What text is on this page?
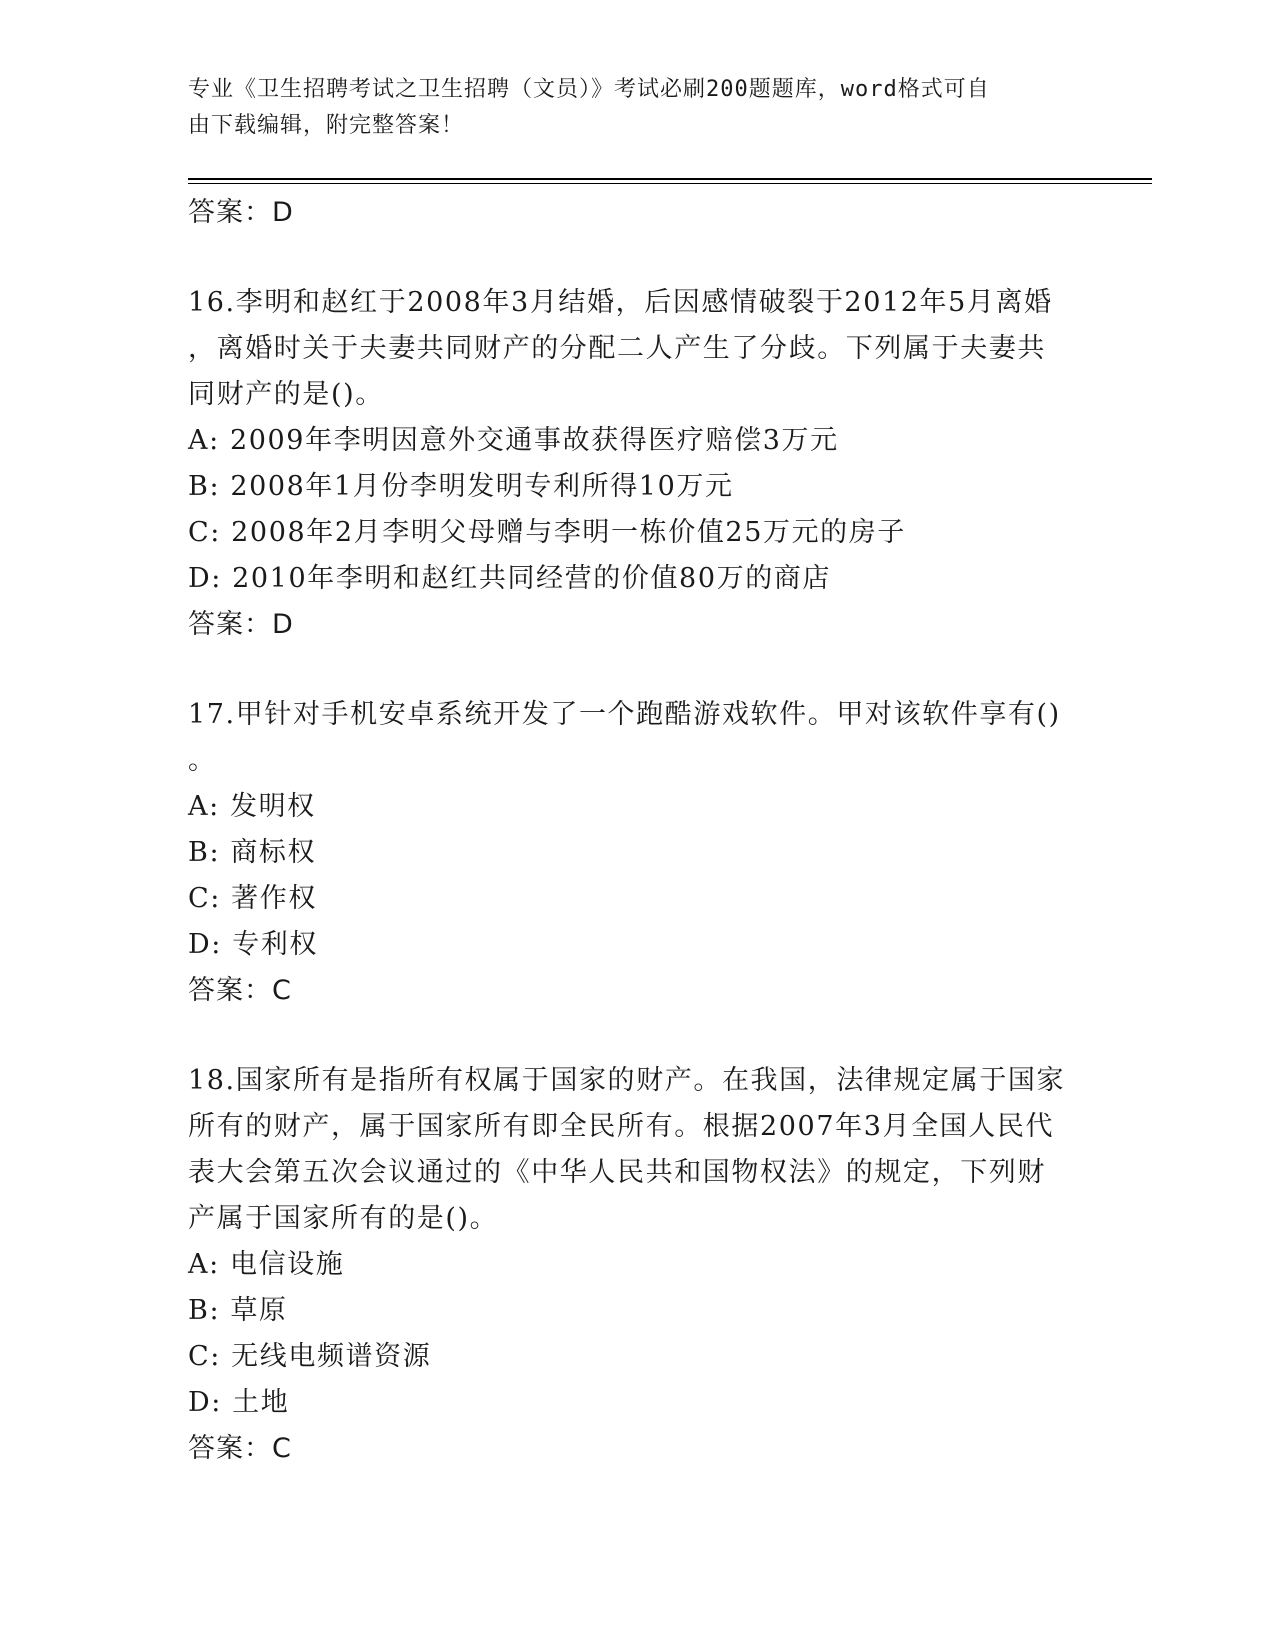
专业《卫生招聘考试之卫生招聘（文员）》考试必刷200题题库，word格式可自
由下载编辑，附完整答案！
答案：D
16.李明和赵红于2008年3月结婚，后因感情破裂于2012年5月离婚
，离婚时关于夫妻共同财产的分配二人产生了分歧。下列属于夫妻共
同财产的是()。
A: 2009年李明因意外交通事故获得医疗赔偿3万元
B: 2008年1月份李明发明专利所得10万元
C: 2008年2月李明父母赠与李明一栋价值25万元的房子
D: 2010年李明和赵红共同经营的价值80万的商店
答案：D
17.甲针对手机安卓系统开发了一个跑酷游戏软件。甲对该软件享有()
。
A: 发明权
B: 商标权
C: 著作权
D: 专利权
答案：C
18.国家所有是指所有权属于国家的财产。在我国，法律规定属于国家
所有的财产，属于国家所有即全民所有。根据2007年3月全国人民代
表大会第五次会议通过的《中华人民共和国物权法》的规定，下列财
产属于国家所有的是()。
A: 电信设施
B: 草原
C: 无线电频谱资源
D: 土地
答案：C
